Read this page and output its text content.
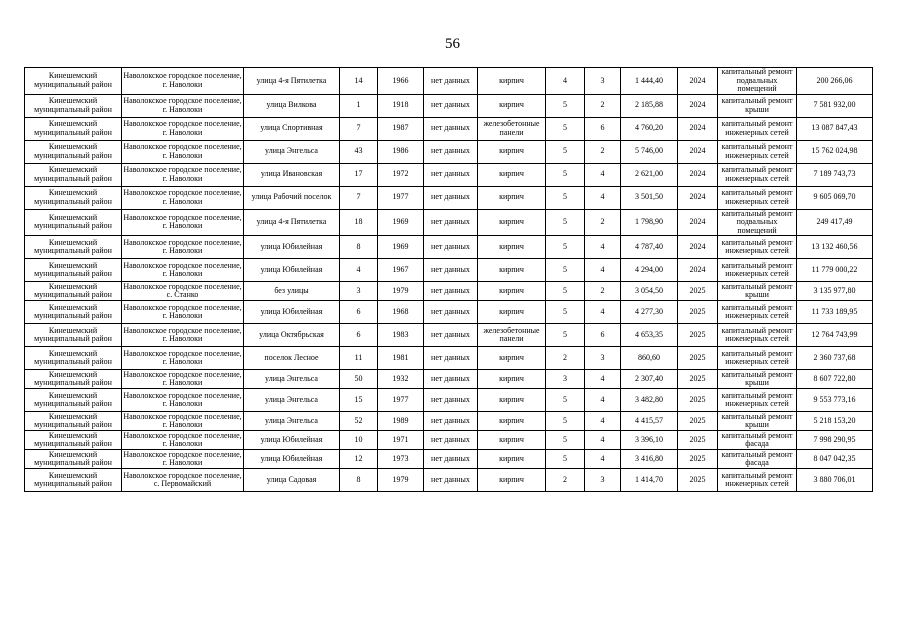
56
Кинешемский муниципальный район	Наволокское городское поселение, г. Наволоки	улица 4-я Пятилетка	14	1966	нет данных	кирпич	4	3	1 444,40	2024	капитальный ремонт подвальных помещений	200 266,06
Кинешемский муниципальный район	Наволокское городское поселение, г. Наволоки	улица Вилкова	1	1918	нет данных	кирпич	5	2	2 185,88	2024	капитальный ремонт крыши	7 581 932,00
Кинешемский муниципальный район	Наволокское городское поселение, г. Наволоки	улица Спортивная	7	1987	нет данных	железобетонные панели	5	6	4 760,20	2024	капитальный ремонт инженерных сетей	13 087 847,43
Кинешемский муниципальный район	Наволокское городское поселение, г. Наволоки	улица Энгельса	43	1986	нет данных	кирпич	5	2	5 746,00	2024	капитальный ремонт инженерных сетей	15 762 024,98
Кинешемский муниципальный район	Наволокское городское поселение, г. Наволоки	улица Ивановская	17	1972	нет данных	кирпич	5	4	2 621,00	2024	капитальный ремонт инженерных сетей	7 189 743,73
Кинешемский муниципальный район	Наволокское городское поселение, г. Наволоки	улица Рабочий поселок	7	1977	нет данных	кирпич	5	4	3 501,50	2024	капитальный ремонт инженерных сетей	9 605 069,70
Кинешемский муниципальный район	Наволокское городское поселение, г. Наволоки	улица 4-я Пятилетка	18	1969	нет данных	кирпич	5	2	1 798,90	2024	капитальный ремонт подвальных помещений	249 417,49
Кинешемский муниципальный район	Наволокское городское поселение, г. Наволоки	улица Юбилейная	8	1969	нет данных	кирпич	5	4	4 787,40	2024	капитальный ремонт инженерных сетей	13 132 460,56
Кинешемский муниципальный район	Наволокское городское поселение, г. Наволоки	улица Юбилейная	4	1967	нет данных	кирпич	5	4	4 294,00	2024	капитальный ремонт инженерных сетей	11 779 000,22
Кинешемский муниципальный район	Наволокское городское поселение, с. Станко	без улицы	3	1979	нет данных	кирпич	5	2	3 054,50	2025	капитальный ремонт крыши	3 135 977,80
Кинешемский муниципальный район	Наволокское городское поселение, г. Наволоки	улица Юбилейная	6	1968	нет данных	кирпич	5	4	4 277,30	2025	капитальный ремонт инженерных сетей	11 733 189,95
Кинешемский муниципальный район	Наволокское городское поселение, г. Наволоки	улица Октябрьская	6	1983	нет данных	железобетонные панели	5	6	4 653,35	2025	капитальный ремонт инженерных сетей	12 764 743,99
Кинешемский муниципальный район	Наволокское городское поселение, г. Наволоки	поселок Лесное	11	1981	нет данных	кирпич	2	3	860,60	2025	капитальный ремонт инженерных сетей	2 360 737,68
Кинешемский муниципальный район	Наволокское городское поселение, г. Наволоки	улица Энгельса	50	1932	нет данных	кирпич	3	4	2 307,40	2025	капитальный ремонт крыши	8 607 722,80
Кинешемский муниципальный район	Наволокское городское поселение, г. Наволоки	улица Энгельса	15	1977	нет данных	кирпич	5	4	3 482,80	2025	капитальный ремонт инженерных сетей	9 553 773,16
Кинешемский муниципальный район	Наволокское городское поселение, г. Наволоки	улица Энгельса	52	1989	нет данных	кирпич	5	4	4 415,57	2025	капитальный ремонт крыши	5 218 153,20
Кинешемский муниципальный район	Наволокское городское поселение, г. Наволоки	улица Юбилейная	10	1971	нет данных	кирпич	5	4	3 396,10	2025	капитальный ремонт фасада	7 998 290,95
Кинешемский муниципальный район	Наволокское городское поселение, г. Наволоки	улица Юбилейная	12	1973	нет данных	кирпич	5	4	3 416,80	2025	капитальный ремонт фасада	8 047 042,35
Кинешемский муниципальный район	Наволокское городское поселение, с. Первомайский	улица Садовая	8	1979	нет данных	кирпич	2	3	1 414,70	2025	капитальный ремонт инженерных сетей	3 880 706,01
